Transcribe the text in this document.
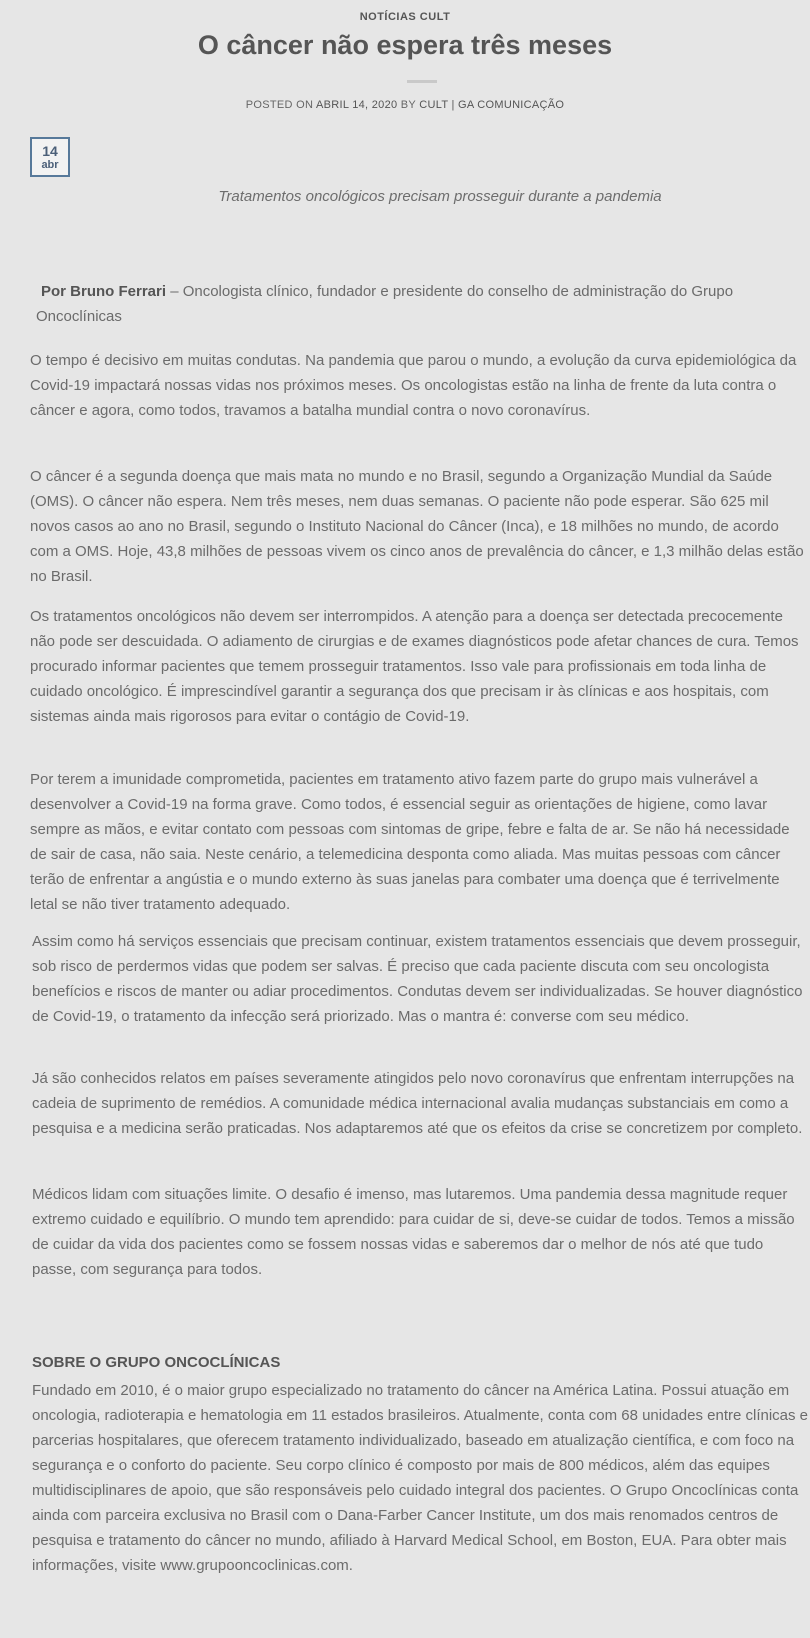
NOTÍCIAS CULT
O câncer não espera três meses
POSTED ON ABRIL 14, 2020 BY CULT | GA COMUNICAÇÃO
14
abr
Tratamentos oncológicos precisam prosseguir durante a pandemia
Por Bruno Ferrari – Oncologista clínico, fundador e presidente do conselho de administração do Grupo Oncoclínicas

O tempo é decisivo em muitas condutas. Na pandemia que parou o mundo, a evolução da curva epidemiológica da Covid-19 impactará nossas vidas nos próximos meses. Os oncologistas estão na linha de frente da luta contra o câncer e agora, como todos, travamos a batalha mundial contra o novo coronavírus.

O câncer é a segunda doença que mais mata no mundo e no Brasil, segundo a Organização Mundial da Saúde (OMS). O câncer não espera. Nem três meses, nem duas semanas. O paciente não pode esperar. São 625 mil novos casos ao ano no Brasil, segundo o Instituto Nacional do Câncer (Inca), e 18 milhões no mundo, de acordo com a OMS. Hoje, 43,8 milhões de pessoas vivem os cinco anos de prevalência do câncer, e 1,3 milhão delas estão no Brasil.

Os tratamentos oncológicos não devem ser interrompidos. A atenção para a doença ser detectada precocemente não pode ser descuidada. O adiamento de cirurgias e de exames diagnósticos pode afetar chances de cura. Temos procurado informar pacientes que temem prosseguir tratamentos. Isso vale para profissionais em toda linha de cuidado oncológico. É imprescindível garantir a segurança dos que precisam ir às clínicas e aos hospitais, com sistemas ainda mais rigorosos para evitar o contágio de Covid-19.

Por terem a imunidade comprometida, pacientes em tratamento ativo fazem parte do grupo mais vulnerável a desenvolver a Covid-19 na forma grave. Como todos, é essencial seguir as orientações de higiene, como lavar sempre as mãos, e evitar contato com pessoas com sintomas de gripe, febre e falta de ar. Se não há necessidade de sair de casa, não saia. Neste cenário, a telemedicina desponta como aliada. Mas muitas pessoas com câncer terão de enfrentar a angústia e o mundo externo às suas janelas para combater uma doença que é terrivelmente letal se não tiver tratamento adequado.

Assim como há serviços essenciais que precisam continuar, existem tratamentos essenciais que devem prosseguir, sob risco de perdermos vidas que podem ser salvas. É preciso que cada paciente discuta com seu oncologista benefícios e riscos de manter ou adiar procedimentos. Condutas devem ser individualizadas. Se houver diagnóstico de Covid-19, o tratamento da infecção será priorizado. Mas o mantra é: converse com seu médico.

Já são conhecidos relatos em países severamente atingidos pelo novo coronavírus que enfrentam interrupções na cadeia de suprimento de remédios. A comunidade médica internacional avalia mudanças substanciais em como a pesquisa e a medicina serão praticadas. Nos adaptaremos até que os efeitos da crise se concretizem por completo.

Médicos lidam com situações limite. O desafio é imenso, mas lutaremos. Uma pandemia dessa magnitude requer extremo cuidado e equilíbrio. O mundo tem aprendido: para cuidar de si, deve-se cuidar de todos. Temos a missão de cuidar da vida dos pacientes como se fossem nossas vidas e saberemos dar o melhor de nós até que tudo passe, com segurança para todos.

SOBRE O GRUPO ONCOCLÍNICAS

Fundado em 2010, é o maior grupo especializado no tratamento do câncer na América Latina. Possui atuação em oncologia, radioterapia e hematologia em 11 estados brasileiros. Atualmente, conta com 68 unidades entre clínicas e parcerias hospitalares, que oferecem tratamento individualizado, baseado em atualização científica, e com foco na segurança e o conforto do paciente. Seu corpo clínico é composto por mais de 800 médicos, além das equipes multidisciplinares de apoio, que são responsáveis pelo cuidado integral dos pacientes. O Grupo Oncoclínicas conta ainda com parceira exclusiva no Brasil com o Dana-Farber Cancer Institute, um dos mais renomados centros de pesquisa e tratamento do câncer no mundo, afiliado à Harvard Medical School, em Boston, EUA. Para obter mais informações, visite www.grupooncoclinicas.com.
